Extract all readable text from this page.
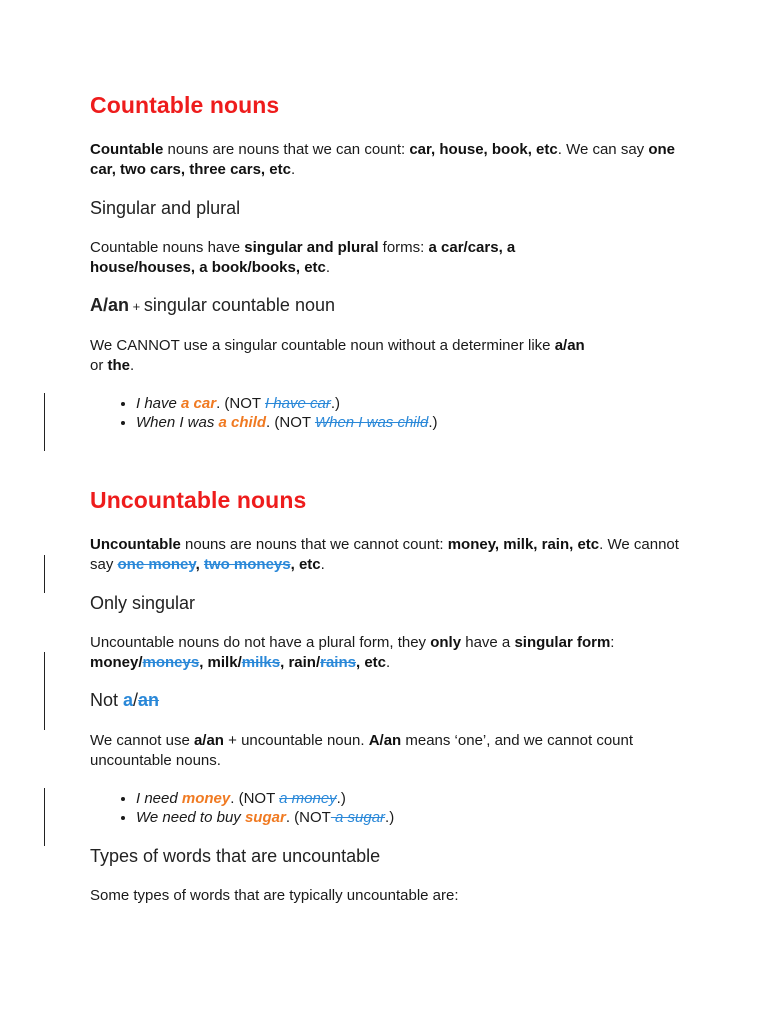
Countable nouns

Countable nouns are nouns that we can count: car, house, book, etc. We can say one car, two cars, three cars, etc.

Singular and plural

Countable nouns have singular and plural forms: a car/cars, a house/houses, a book/books, etc.

A/an + singular countable noun

We CANNOT use a singular countable noun without a determiner like a/an or the.

• I have a car. (NOT I have car.)
• When I was a child. (NOT When I was child.)
Uncountable nouns

Uncountable nouns are nouns that we cannot count: money, milk, rain, etc. We cannot say one money, two moneys, etc.

Only singular

Uncountable nouns do not have a plural form, they only have a singular form: money/moneys, milk/milks, rain/rains, etc.

Not a/an

We cannot use a/an + uncountable noun. A/an means ‘one’, and we cannot count uncountable nouns.

• I need money. (NOT a money.)
• We need to buy sugar. (NOT a sugar.)
Types of words that are uncountable

Some types of words that are typically uncountable are:
